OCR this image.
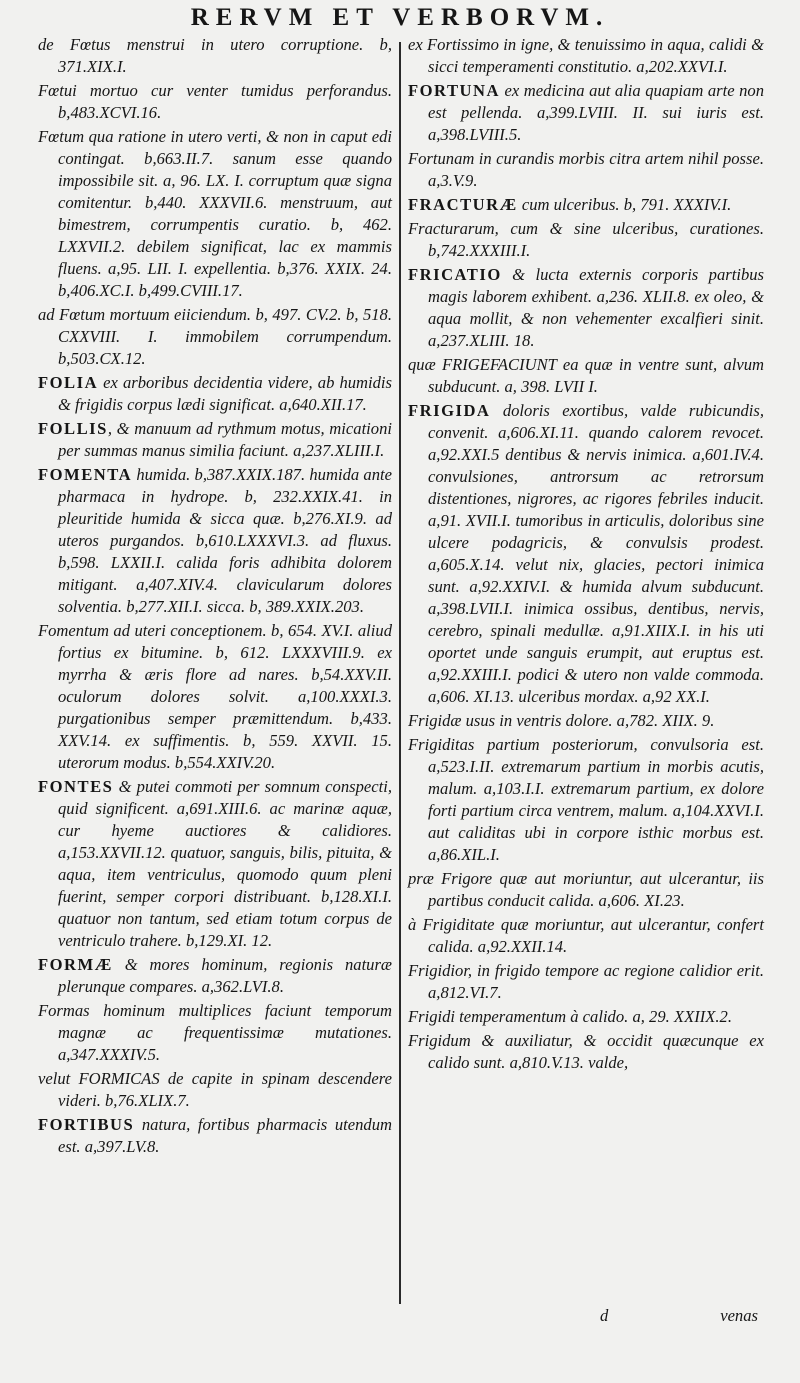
RERVM ET VERBORVM.

de Fœtus menstrui in utero corruptione. b, 371.XIX.I.

Fœtui mortuo cur venter tumidus perforandus. b,483.XCVI.16.

Fœtum qua ratione in utero verti, & non in caput edi contingat. b,663.II.7. sanum esse quando impossibile sit. a, 96. LX. I. corruptum quæ signa comitentur. b,440. XXXVII.6. menstruum, aut bimestrem, corrumpentis curatio. b, 462. LXXVII.2. debilem significat, lac ex mammis fluens. a,95. LII. I. expellentia. b,376. XXIX. 24. b,406.XC.I. b,499.CVIII.17.

ad Fœtum mortuum eiiciendum. b, 497. CV.2. b, 518. CXXVIII. I. immobilem corrumpendum. b,503.CX.12.

FOLIA ex arboribus decidentia videre, ab humidis & frigidis corpus lædi significat. a,640.XII.17.

FOLLIS, & manuum ad rythmum motus, micationi per summas manus similia faciunt. a,237.XLIII.I.

FOMENTA humida. b,387.XXIX.187. humida ante pharmaca in hydrope. b, 232.XXIX.41. in pleuritide humida & sicca quæ. b,276.XI.9. ad uteros purgandos. b,610.LXXXVI.3. ad fluxus. b,598. LXXII.I. calida foris adhibita dolorem mitigant. a,407.XIV.4. clavicularum dolores solventia. b,277.XII.I. sicca. b, 389.XXIX.203.

Fomentum ad uteri conceptionem. b, 654. XV.I. aliud fortius ex bitumine. b, 612. LXXXVIII.9. ex myrrha & æris flore ad nares. b,54.XXV.II. oculorum dolores solvit. a,100.XXXI.3. purgationibus semper præmittendum. b,433. XXV.14. ex suffimentis. b, 559. XXVII. 15. uterorum modus. b,554.XXIV.20.

FONTES & putei commoti per somnum conspecti, quid significent. a,691.XIII.6. ac marinæ aquæ, cur hyeme auctiores & calidiores. a,153.XXVII.12. quatuor, sanguis, bilis, pituita, & aqua, item ventriculus, quomodo quum pleni fuerint, semper corpori distribuant. b,128.XI.I. quatuor non tantum, sed etiam totum corpus de ventriculo trahere. b,129.XI. 12.

FORMÆ & mores hominum, regionis naturæ plerunque compares. a,362.LVI.8.

Formas hominum multiplices faciunt temporum magnæ ac frequentissimæ mutationes. a,347.XXXIV.5.

velut FORMICAS de capite in spinam descendere videri. b,76.XLIX.7.

FORTIBUS natura, fortibus pharmacis utendum est. a,397.LV.8.

ex Fortissimo in igne, & tenuissimo in aqua, calidi & sicci temperamenti constitutio. a,202.XXVI.I.

FORTUNA ex medicina aut alia quapiam arte non est pellenda. a,399.LVIII. II. sui iuris est. a,398.LVIII.5.

Fortunam in curandis morbis citra artem nihil posse. a,3.V.9.

FRACTURÆ cum ulceribus. b, 791. XXXIV.I.

Fracturarum, cum & sine ulceribus, curationes. b,742.XXXIII.I.

FRICATIO & lucta externis corporis partibus magis laborem exhibent. a,236. XLII.8. ex oleo, & aqua mollit, & non vehementer excalfieri sinit. a,237.XLIII. 18.

quæ FRIGEFACIUNT ea quæ in ventre sunt, alvum subducunt. a, 398. LVII I.

FRIGIDA doloris exortibus, valde rubicundis, convenit. a,606.XI.11. quando calorem revocet. a,92.XXI.5 dentibus & nervis inimica. a,601.IV.4. convulsiones, antrorsum ac retrorsum distentiones, nigrores, ac rigores febriles inducit. a,91. XVII.I. tumoribus in articulis, doloribus sine ulcere podagricis, & convulsis prodest. a,605.X.14. velut nix, glacies, pectori inimica sunt. a,92.XXIV.I. & humida alvum subducunt. a,398.LVII.I. inimica ossibus, dentibus, nervis, cerebro, spinali medullæ. a,91.XIIX.I. in his uti oportet unde sanguis erumpit, aut eruptus est. a,92.XXIII.I. podici & utero non valde commoda. a,606. XI.13. ulceribus mordax. a,92 XX.I.

Frigidæ usus in ventris dolore. a,782. XIIX. 9.

Frigiditas partium posteriorum, convulsoria est. a,523.I.II. extremarum partium in morbis acutis, malum. a,103.I.I. extremarum partium, ex dolore forti partium circa ventrem, malum. a,104.XXVI.I. aut caliditas ubi in corpore isthic morbus est. a,86.XIL.I.

præ Frigore quæ aut moriuntur, aut ulcerantur, iis partibus conducit calida. a,606. XI.23.

à Frigiditate quæ moriuntur, aut ulcerantur, confert calida. a,92.XXII.14.

Frigidior, in frigido tempore ac regione calidior erit. a,812.VI.7.

Frigidi temperamentum à calido. a, 29. XXIIX.2.

Frigidum & auxiliatur, & occidit quæcunque ex calido sunt. a,810.V.13. valde,

d	venas
